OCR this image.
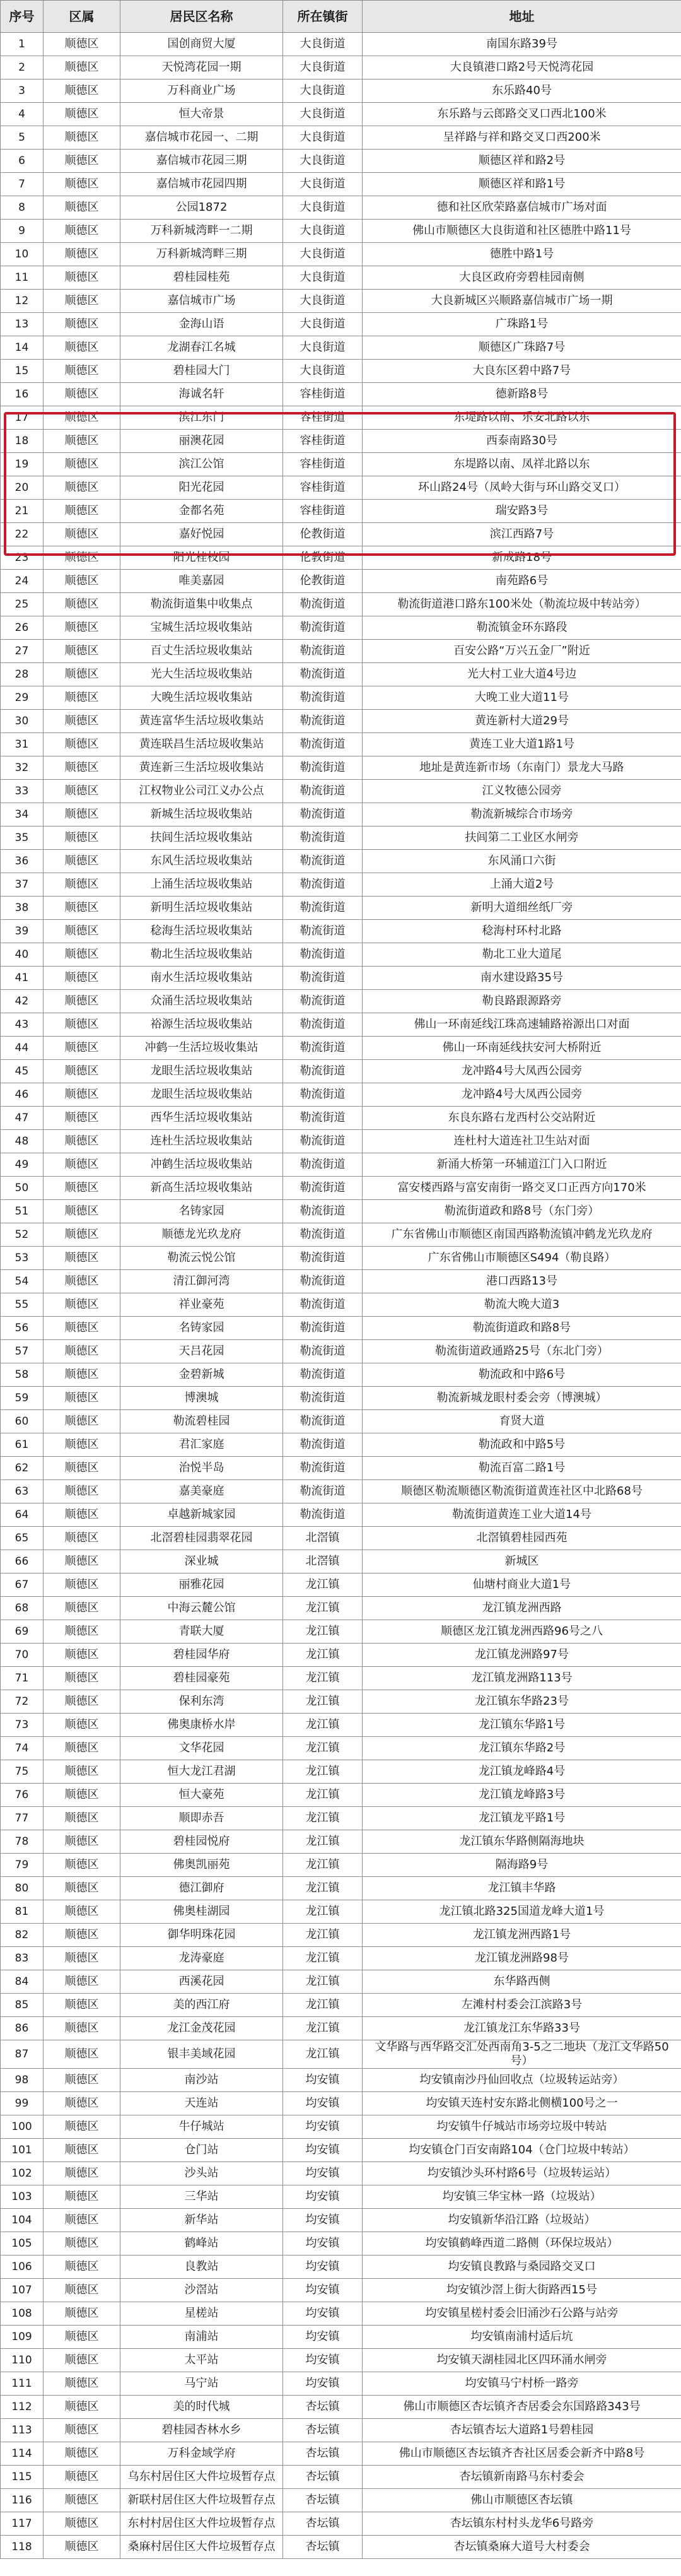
序号	区属	居民区名称	所在镇街	地址
1	顺德区	国创商贸大厦	大良街道	南国东路39号
2	顺德区	天悦湾花园一期	大良街道	大良镇港口路2号天悦湾花园
3	顺德区	万科商业广场	大良街道	东乐路40号
4	顺德区	恒大帝景	大良街道	东乐路与云郎路交叉口西北100米
5	顺德区	嘉信城市花园一、二期	大良街道	呈祥路与祥和路交叉口西200米
6	顺德区	嘉信城市花园三期	大良街道	顺德区祥和路2号
7	顺德区	嘉信城市花园四期	大良街道	顺德区祥和路1号
8	顺德区	公园1872	大良街道	德和社区欣荣路嘉信城市广场对面
9	顺德区	万科新城湾畔一二期	大良街道	佛山市顺德区大良街道和社区德胜中路11号
10	顺德区	万科新城湾畔三期	大良街道	德胜中路1号
11	顺德区	碧桂园桂苑	大良街道	大良区政府旁碧桂园南侧
12	顺德区	嘉信城市广场	大良街道	大良新城区兴顺路嘉信城市广场一期
13	顺德区	金海山语	大良街道	广珠路1号
14	顺德区	龙湖春江名城	大良街道	顺德区广珠路7号
15	顺德区	碧桂园大门	大良街道	大良东区碧中路7号
16	顺德区	海诚名轩	容桂街道	德新路8号
17	顺德区	滨江东门	容桂街道	东堤路以南、乐安北路以东
18	顺德区	丽澳花园	容桂街道	西泰南路30号
19	顺德区	滨江公馆	容桂街道	东堤路以南、凤祥北路以东
20	顺德区	阳光花园	容桂街道	环山路24号（凤岭大街与环山路交叉口）
21	顺德区	金都名苑	容桂街道	瑞安路3号
22	顺德区	嘉好悦园	伦教街道	滨江西路7号
23	顺德区	阳光桂枝园	伦教街道	新成路18号
24	顺德区	唯美嘉园	伦教街道	南苑路6号
25	顺德区	勒流街道集中收集点	勒流街道	勒流街道港口路东100米处（勒流垃圾中转站旁）
26	顺德区	宝城生活垃圾收集站	勒流街道	勒流镇金环东路段
27	顺德区	百丈生活垃圾收集站	勒流街道	百安公路“万兴五金厂”附近
28	顺德区	光大生活垃圾收集站	勒流街道	光大村工业大道4号边
29	顺德区	大晚生活垃圾收集站	勒流街道	大晚工业大道11号
30	顺德区	黄连富华生活垃圾收集站	勒流街道	黄连新村大道29号
31	顺德区	黄连联昌生活垃圾收集站	勒流街道	黄连工业大道1路1号
32	顺德区	黄连新三生活垃圾收集站	勒流街道	地址是黄连新市场（东南门）景龙大马路
33	顺德区	江权物业公司江义办公点	勒流街道	江义牧德公园旁
34	顺德区	新城生活垃圾收集站	勒流街道	勒流新城综合市场旁
35	顺德区	扶闾生活垃圾收集站	勒流街道	扶闾第二工业区水闸旁
36	顺德区	东风生活垃圾收集站	勒流街道	东风涌口六街
37	顺德区	上涌生活垃圾收集站	勒流街道	上涌大道2号
38	顺德区	新明生活垃圾收集站	勒流街道	新明大道细丝纸厂旁
39	顺德区	稔海生活垃圾收集站	勒流街道	稔海村环村北路
40	顺德区	勒北生活垃圾收集站	勒流街道	勒北工业大道尾
41	顺德区	南水生活垃圾收集站	勒流街道	南水建设路35号
42	顺德区	众涌生活垃圾收集站	勒流街道	勒良路跟源路旁
43	顺德区	裕源生活垃圾收集站	勒流街道	佛山一环南延线江珠高速辅路裕源出口对面
44	顺德区	冲鹤一生活垃圾收集站	勒流街道	佛山一环南延线扶安河大桥附近
45	顺德区	龙眼生活垃圾收集站	勒流街道	龙冲路4号大凤西公园旁
46	顺德区	龙眼生活垃圾收集站	勒流街道	龙冲路4号大凤西公园旁
47	顺德区	西华生活垃圾收集站	勒流街道	东良东路右龙西村公交站附近
48	顺德区	连杜生活垃圾收集站	勒流街道	连杜村大道连社卫生站对面
49	顺德区	冲鹤生活垃圾收集站	勒流街道	新涌大桥第一环辅道江门入口附近
50	顺德区	新高生活垃圾收集站	勒流街道	富安楼西路与富安南街一路交叉口正西方向170米
51	顺德区	名铸家园	勒流街道	勒流街道政和路8号（东门旁）
52	顺德区	顺德龙光玖龙府	勒流街道	广东省佛山市顺德区南国西路勒流镇冲鹤龙光玖龙府
53	顺德区	勒流云悦公馆	勒流街道	广东省佛山市顺德区S494（勒良路）
54	顺德区	清江御河湾	勒流街道	港口西路13号
55	顺德区	祥业豪苑	勒流街道	勒流大晚大道3
56	顺德区	名铸家园	勒流街道	勒流街道政和路8号
57	顺德区	天吕花园	勒流街道	勒流街道政通路25号（东北门旁）
58	顺德区	金碧新城	勒流街道	勒流政和中路6号
59	顺德区	博澳城	勒流街道	勒流新城龙眼村委会旁（博澳城）
60	顺德区	勒流碧桂园	勒流街道	育贤大道
61	顺德区	君汇家庭	勒流街道	勒流政和中路5号
62	顺德区	治悦半岛	勒流街道	勒流百富二路1号
63	顺德区	嘉美豪庭	勒流街道	顺德区勒流顺德区勒流街道黄连社区中北路68号
64	顺德区	卓越新城家园	勒流街道	勒流街道黄连工业大道14号
65	顺德区	北滘碧桂园翡翠花园	北滘镇	北滘镇碧桂园西苑
66	顺德区	深业城	北滘镇	新城区
67	顺德区	丽雅花园	龙江镇	仙塘村商业大道1号
68	顺德区	中海云麓公馆	龙江镇	龙江镇龙洲西路
69	顺德区	青联大厦	龙江镇	顺德区龙江镇龙洲西路96号之八
70	顺德区	碧桂园华府	龙江镇	龙江镇龙洲路97号
71	顺德区	碧桂园豪苑	龙江镇	龙江镇龙洲路113号
72	顺德区	保利东湾	龙江镇	龙江镇东华路23号
73	顺德区	佛奥康桥水岸	龙江镇	龙江镇东华路1号
74	顺德区	文华花园	龙江镇	龙江镇东华路2号
75	顺德区	恒大龙江君湖	龙江镇	龙江镇龙峰路4号
76	顺德区	恒大豪苑	龙江镇	龙江镇龙峰路3号
77	顺德区	顺即赤吾	龙江镇	龙江镇龙平路1号
78	顺德区	碧桂园悦府	龙江镇	龙江镇东华路侧隔海地块
79	顺德区	佛奥凯丽苑	龙江镇	隔海路9号
80	顺德区	德江御府	龙江镇	龙江镇丰华路
81	顺德区	佛奥桂湖园	龙江镇	龙江镇北路325国道龙峰大道1号
82	顺德区	御华明珠花园	龙江镇	龙江镇龙洲西路1号
83	顺德区	龙涛豪庭	龙江镇	龙江镇龙洲路98号
84	顺德区	西溪花园	龙江镇	东华路西侧
85	顺德区	美的西江府	龙江镇	左滩村村委会江滨路3号
86	顺德区	龙江金茂花园	龙江镇	龙江镇龙江东华路33号
87	顺德区	银丰美域花园	龙江镇	文华路与西华路交汇处西南角3-5之二地块（龙江文华路50号）
98	顺德区	南沙站	均安镇	均安镇南沙丹仙回收点（垃圾转运站旁）
99	顺德区	天连站	均安镇	均安镇天连村安东路北侧横100号之一
100	顺德区	牛仔城站	均安镇	均安镇牛仔城站市场旁垃圾中转站
101	顺德区	仓门站	均安镇	均安镇仓门百安南路104（仓门垃圾中转站）
102	顺德区	沙头站	均安镇	均安镇沙头环村路6号（垃圾转运站）
103	顺德区	三华站	均安镇	均安镇三华宝林一路（垃圾站）
104	顺德区	新华站	均安镇	均安镇新华沿江路（垃圾站）
105	顺德区	鹤峰站	均安镇	均安镇鹤峰西道二路侧（环保垃圾站）
106	顺德区	良教站	均安镇	均安镇良教路与桑园路交叉口
107	顺德区	沙滘站	均安镇	均安镇沙滘上街大街路西15号
108	顺德区	星槎站	均安镇	均安镇星槎村委会旧涌沙石公路与站旁
109	顺德区	南浦站	均安镇	均安镇南浦村适后坑
110	顺德区	太平站	均安镇	均安镇天湖桂园北区四环涌水闸旁
111	顺德区	马宁站	均安镇	均安镇马宁村桥一路旁
112	顺德区	美的时代城	杏坛镇	佛山市顺德区杏坛镇齐杏居委会东国路路343号
113	顺德区	碧桂园杏林水乡	杏坛镇	杏坛镇杏坛大道路1号碧桂园
114	顺德区	万科金域学府	杏坛镇	佛山市顺德区杏坛镇齐杏社区居委会新齐中路8号
115	顺德区	乌东村居住区大件垃圾暂存点	杏坛镇	杏坛镇新南路马东村委会
116	顺德区	新联村居住区大件垃圾暂存点	杏坛镇	佛山市顺德区杏坛镇
117	顺德区	东村村居住区大件垃圾暂存点	杏坛镇	杏坛镇东村村头龙华6号路旁
118	顺德区	桑麻村居住区大件垃圾暂存点	杏坛镇	杏坛镇桑麻大道号大村委会
